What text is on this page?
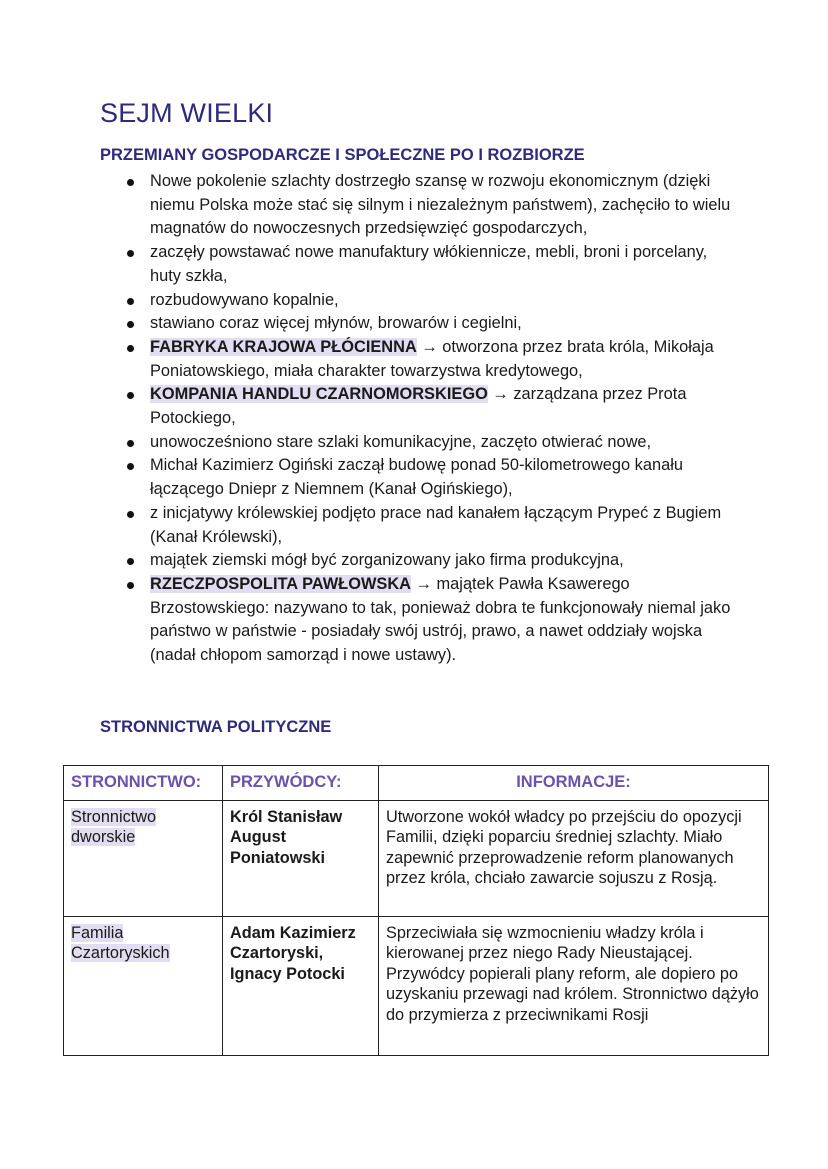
SEJM WIELKI
PRZEMIANY GOSPODARCZE I SPOŁECZNE PO I ROZBIORZE
Nowe pokolenie szlachty dostrzegło szansę w rozwoju ekonomicznym (dzięki niemu Polska może stać się silnym i niezależnym państwem), zachęciło to wielu magnatów do nowoczesnych przedsięwzięć gospodarczych,
zaczęły powstawać nowe manufaktury włókiennicze, mebli, broni i porcelany, huty szkła,
rozbudowywano kopalnie,
stawiano coraz więcej młynów, browarów i cegielni,
FABRYKA KRAJOWA PŁÓCIENNA → otworzona przez brata króla, Mikołaja Poniatowskiego, miała charakter towarzystwa kredytowego,
KOMPANIA HANDLU CZARNOMORSKIEGO → zarządzana przez Prota Potockiego,
unowocześniono stare szlaki komunikacyjne, zaczęto otwierać nowe,
Michał Kazimierz Ogiński zaczął budowę ponad 50-kilometrowego kanału łączącego Dniepr z Niemnem (Kanał Ogińskiego),
z inicjatywy królewskiej podjęto prace nad kanałem łączącym Prypeć z Bugiem (Kanał Królewski),
majątek ziemski mógł być zorganizowany jako firma produkcyjna,
RZECZPOSPOLITA PAWŁOWSKA → majątek Pawła Ksawerego Brzostowskiego: nazywano to tak, ponieważ dobra te funkcjonowały niemal jako państwo w państwie - posiadały swój ustrój, prawo, a nawet oddziały wojska (nadał chłopom samorząd i nowe ustawy).
STRONNICTWA POLITYCZNE
STRONNICTWO:	PRZYWÓDCY:	INFORMACJE:
Stronnictwo dworskie	Król Stanisław August Poniatowski	Utworzone wokół władcy po przejściu do opozycji Familii, dzięki poparciu średniej szlachty. Miało zapewnić przeprowadzenie reform planowanych przez króla, chciało zawarcie sojuszu z Rosją.
Familia Czartoryskich	Adam Kazimierz Czartoryski, Ignacy Potocki	Sprzeciwiała się wzmocnieniu władzy króla i kierowanej przez niego Rady Nieustającej. Przywódcy popierali plany reform, ale dopiero po uzyskaniu przewagi nad królem. Stronnictwo dążyło do przymierza z przeciwnikami Rosji
